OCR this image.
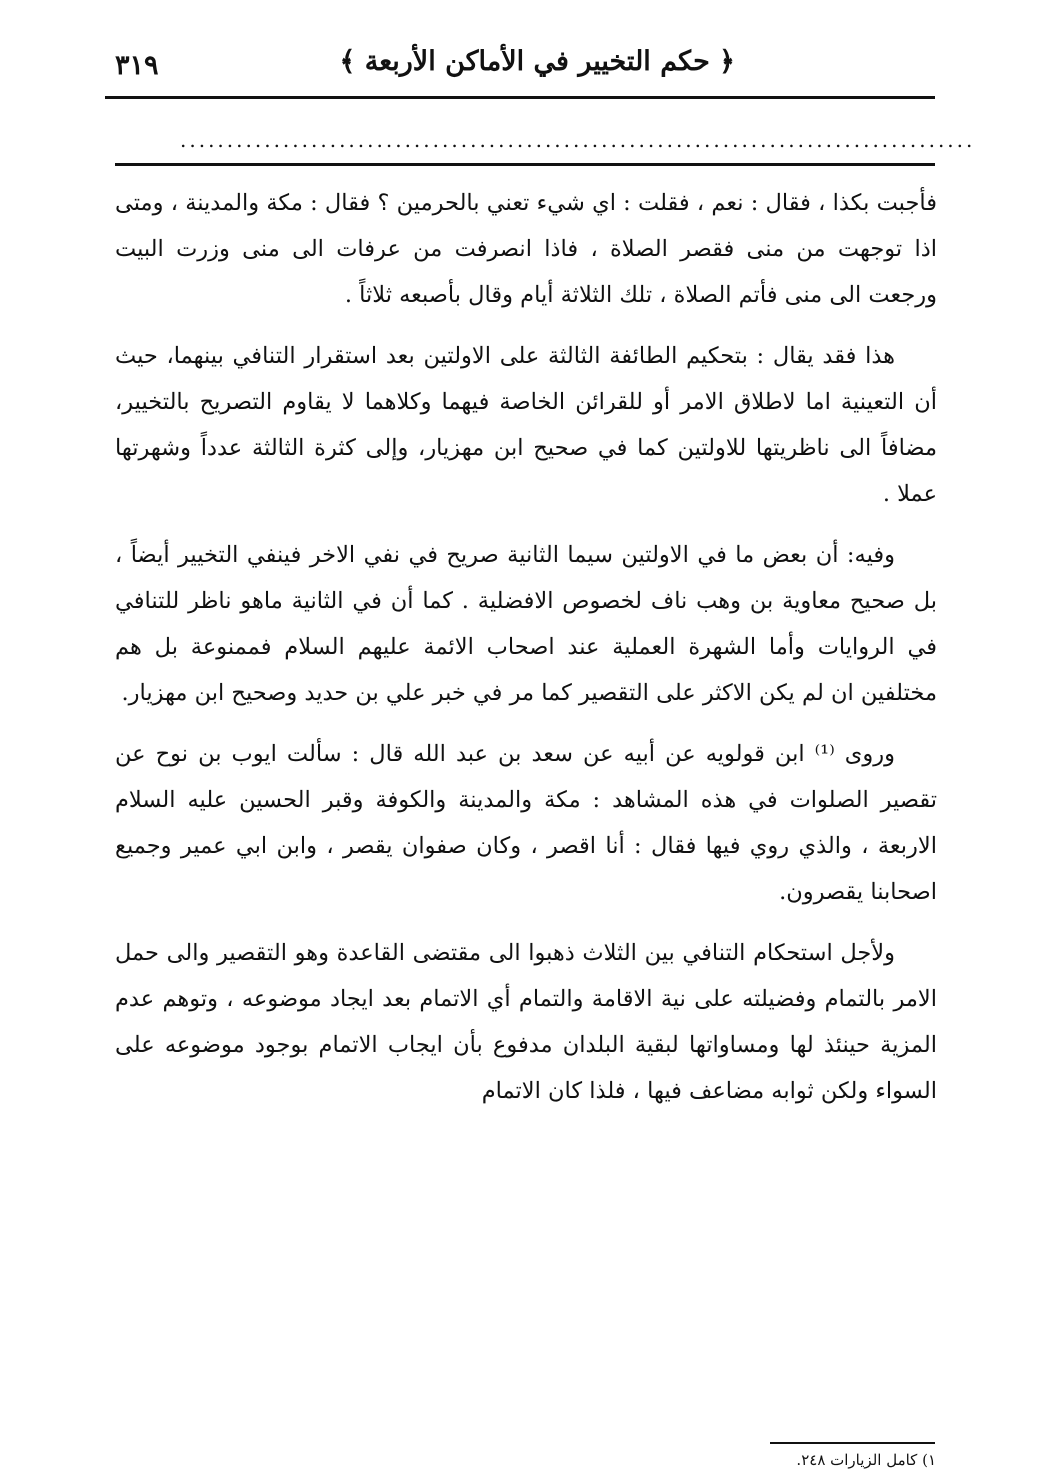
﴿ حكم التخيير في الأماكن الأربعة ﴾
٣١٩
.....................................................................................

فأجبت بكذا ، فقال : نعم ، فقلت : اي شيء تعني بالحرمين ؟ فقال : مكة والمدينة ، ومتى اذا توجهت من منى فقصر الصلاة ، فاذا انصرفت من عرفات الى منى وزرت البيت ورجعت الى منى فأتم الصلاة ، تلك الثلاثة أيام وقال بأصبعه ثلاثاً .

هذا فقد يقال : بتحكيم الطائفة الثالثة على الاولتين بعد استقرار التنافي بينهما، حيث أن التعينية اما لاطلاق الامر أو للقرائن الخاصة فيهما وكلاهما لا يقاوم التصريح بالتخيير، مضافاً الى ناظريتها للاولتين كما في صحيح ابن مهزيار، وإلى كثرة الثالثة عدداً وشهرتها عملا .

وفيه: أن بعض ما في الاولتين سيما الثانية صريح في نفي الاخر فينفي التخيير أيضاً ، بل صحيح معاوية بن وهب ناف لخصوص الافضلية . كما أن في الثانية ماهو ناظر للتنافي في الروايات وأما الشهرة العملية عند اصحاب الائمة عليهم السلام فممنوعة بل هم مختلفين ان لم يكن الاكثر على التقصير كما مر في خبر علي بن حديد وصحيح ابن مهزيار.

وروى ⁽¹⁾ ابن قولويه عن أبيه عن سعد بن عبد الله قال : سألت ايوب بن نوح عن تقصير الصلوات في هذه المشاهد : مكة والمدينة والكوفة وقبر الحسين عليه السلام الاربعة ، والذي روي فيها فقال : أنا اقصر ، وكان صفوان يقصر ، وابن ابي عمير وجميع اصحابنا يقصرون.

ولأجل استحكام التنافي بين الثلاث ذهبوا الى مقتضى القاعدة وهو التقصير والى حمل الامر بالتمام وفضيلته على نية الاقامة والتمام أي الاتمام بعد ايجاد موضوعه ، وتوهم عدم المزية حينئذ لها ومساواتها لبقية البلدان مدفوع بأن ايجاب الاتمام بوجود موضوعه على السواء ولكن ثوابه مضاعف فيها ، فلذا كان الاتمام

١) كامل الزيارات ٢٤٨.
